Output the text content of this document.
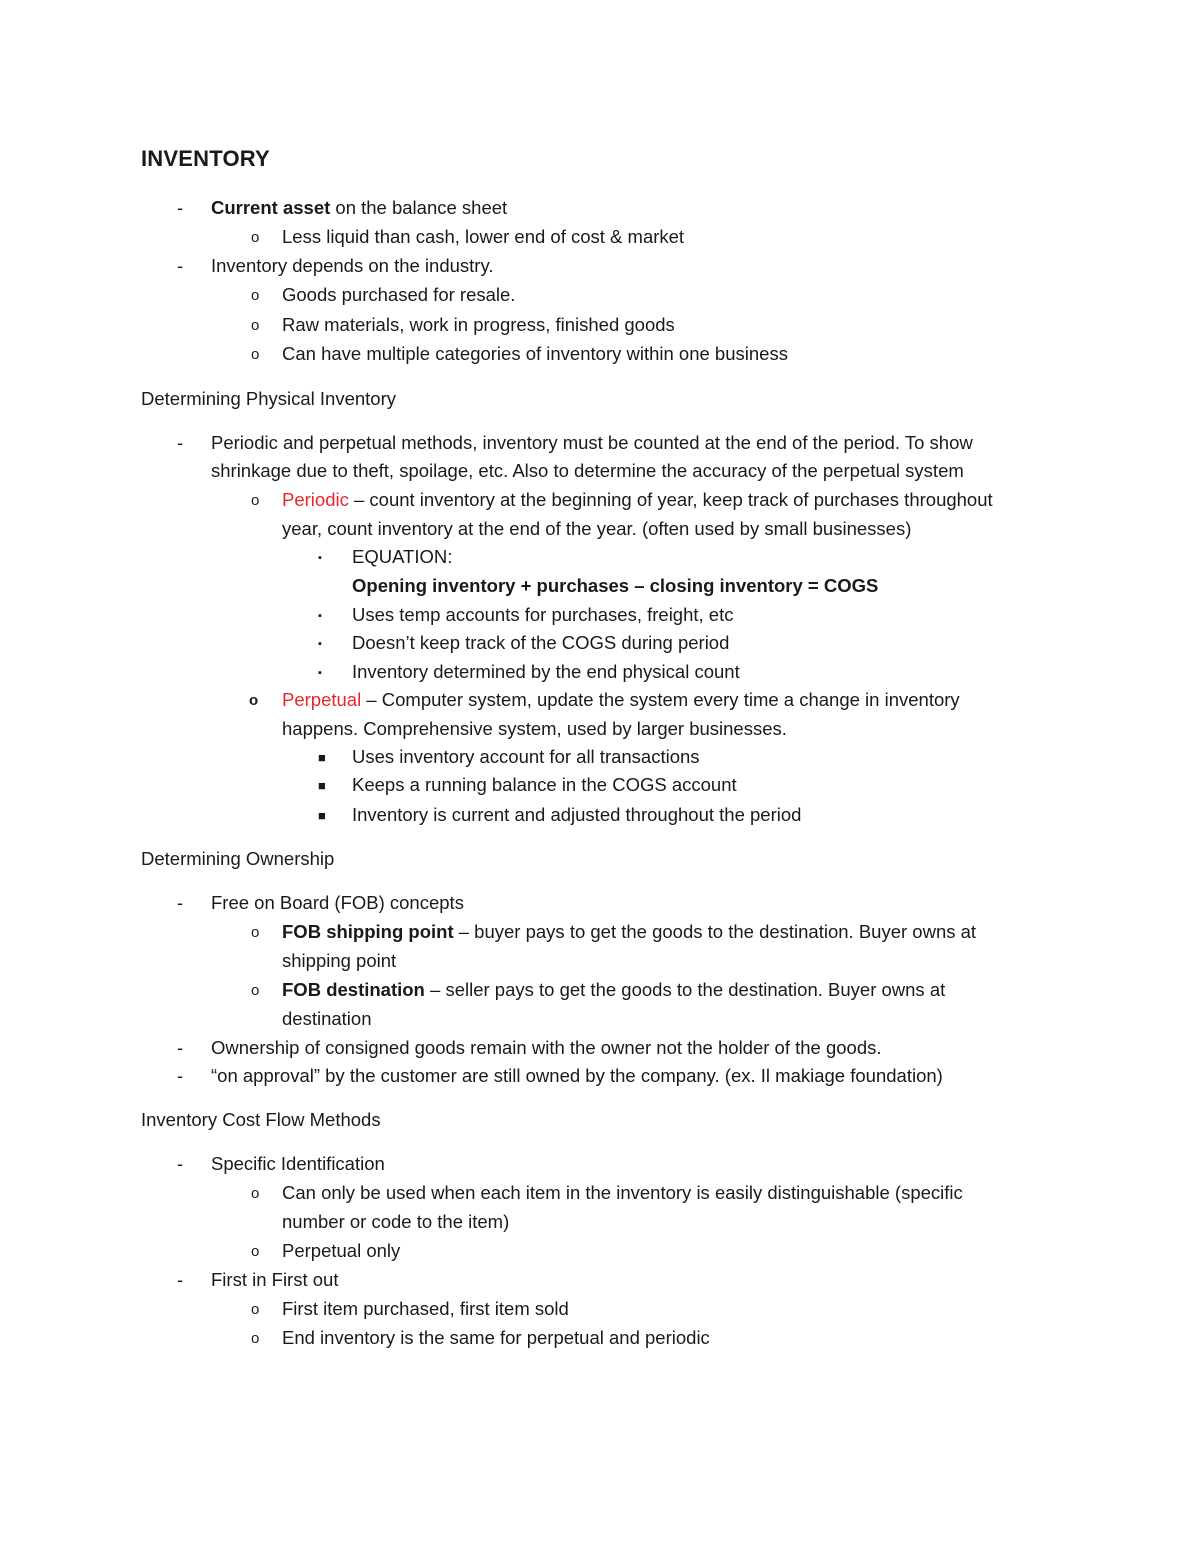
INVENTORY
- Current asset on the balance sheet
o Less liquid than cash, lower end of cost & market
- Inventory depends on the industry.
o Goods purchased for resale.
o Raw materials, work in progress, finished goods
o Can have multiple categories of inventory within one business
Determining Physical Inventory
- Periodic and perpetual methods, inventory must be counted at the end of the period. To show
shrinkage due to theft, spoilage, etc. Also to determine the accuracy of the perpetual system
o Periodic – count inventory at the beginning of year, keep track of purchases throughout
year, count inventory at the end of the year. (often used by small businesses)
▪ EQUATION:
Opening inventory + purchases – closing inventory = COGS
▪ Uses temp accounts for purchases, freight, etc
▪ Doesn’t keep track of the COGS during period
▪ Inventory determined by the end physical count
o Perpetual – Computer system, update the system every time a change in inventory
happens. Comprehensive system, used by larger businesses.
■ Uses inventory account for all transactions
■ Keeps a running balance in the COGS account
■ Inventory is current and adjusted throughout the period
Determining Ownership
- Free on Board (FOB) concepts
o FOB shipping point – buyer pays to get the goods to the destination. Buyer owns at
shipping point
o FOB destination – seller pays to get the goods to the destination. Buyer owns at
destination
- Ownership of consigned goods remain with the owner not the holder of the goods.
- “on approval” by the customer are still owned by the company. (ex. Il makiage foundation)
Inventory Cost Flow Methods
- Specific Identification
o Can only be used when each item in the inventory is easily distinguishable (specific
number or code to the item)
o Perpetual only
- First in First out
o First item purchased, first item sold
o End inventory is the same for perpetual and periodic
